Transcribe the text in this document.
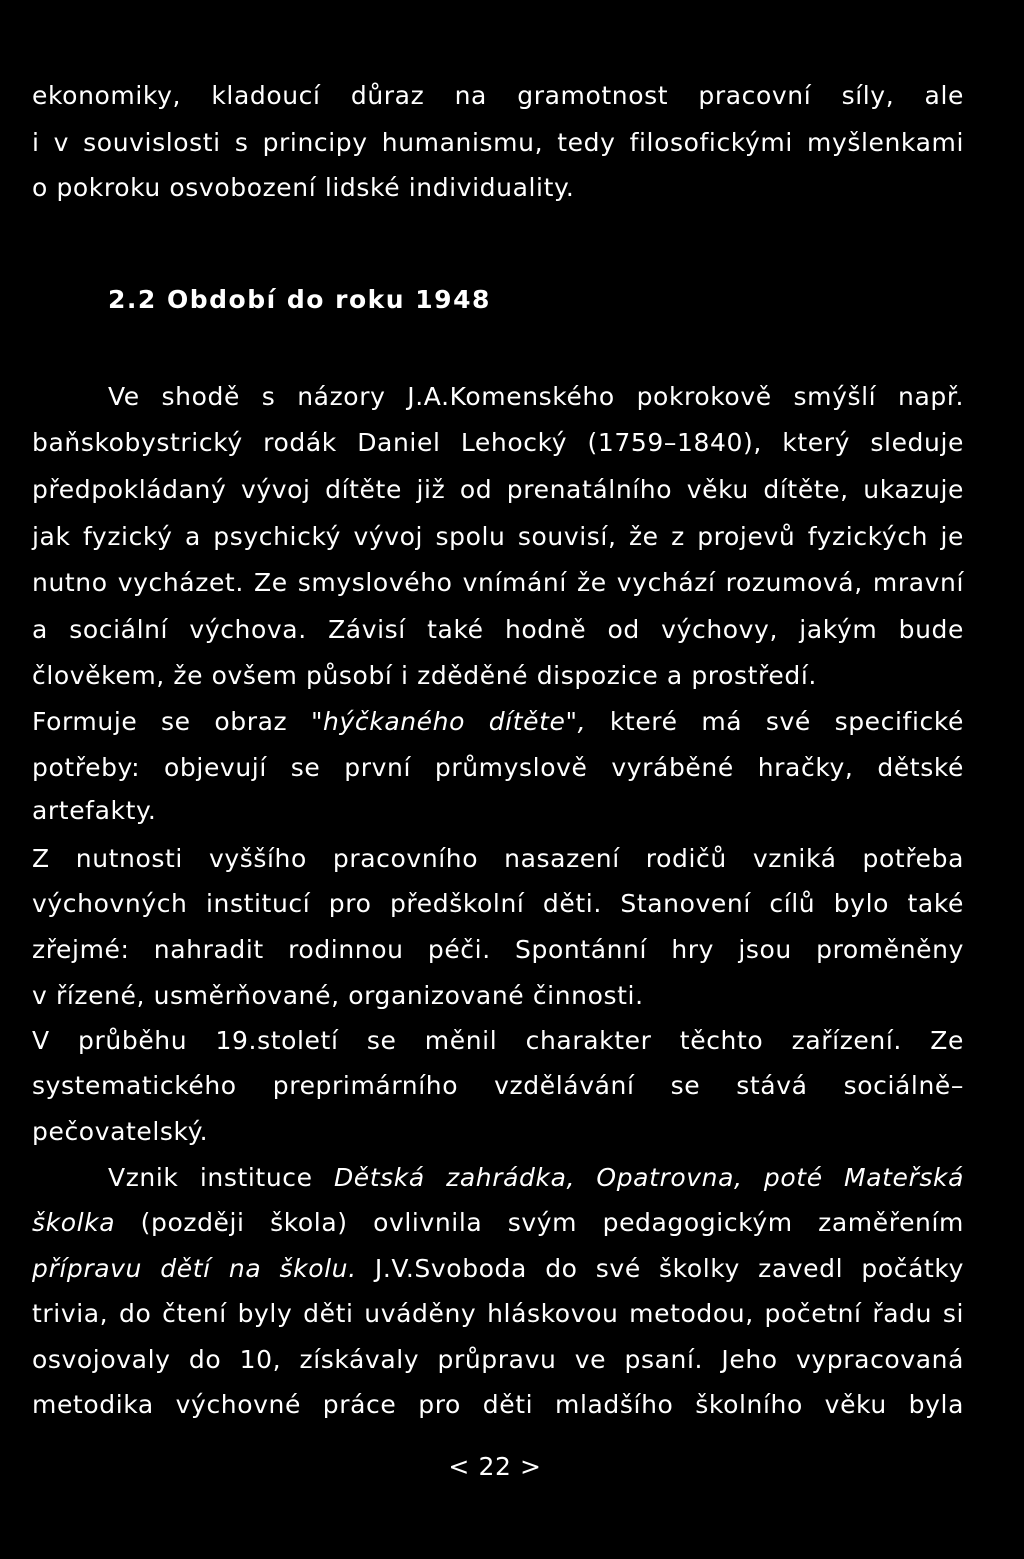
ekonomiky, kladoucí důraz na gramotnost pracovní síly, ale
i v souvislosti s principy humanismu, tedy filosofickými myšlenkami
o pokroku osvobození lidské individuality.
2.2 Období do roku 1948
Ve shodě s názory J.A.Komenského pokrokově smýšlí např.
baňskobystrický rodák Daniel Lehocký (1759–1840), který sleduje
předpokládaný vývoj dítěte již od prenatálního věku dítěte, ukazuje
jak fyzický a psychický vývoj spolu souvisí, že z projevů fyzických je
nutno vycházet. Ze smyslového vnímání že vychází rozumová, mravní
a sociální výchova. Závisí také hodně od výchovy, jakým bude
člověkem, že ovšem působí i zděděné dispozice a prostředí.
Formuje se obraz "hýčkaného dítěte", které má své specifické
potřeby: objevují se první průmyslově vyráběné hračky, dětské
artefakty.
Z nutnosti vyššího pracovního nasazení rodičů vzniká potřeba
výchovných institucí pro předškolní děti. Stanovení cílů bylo také
zřejmé: nahradit rodinnou péči. Spontánní hry jsou proměněny
v řízené, usměrňované, organizované činnosti.
V průběhu 19.století se měnil charakter těchto zařízení. Ze
systematického preprimárního vzdělávání se stává sociálně–
pečovatelský.
Vznik instituce Dětská zahrádka, Opatrovna, poté Mateřská
školka (později škola) ovlivnila svým pedagogickým zaměřením
přípravu dětí na školu. J.V.Svoboda do své školky zavedl počátky
trivia, do čtení byly děti uváděny hláskovou metodou, početní řadu si
osvojovaly do 10, získávaly průpravu ve psaní. Jeho vypracovaná
metodika výchovné práce pro děti mladšího školního věku byla
< 22 >
